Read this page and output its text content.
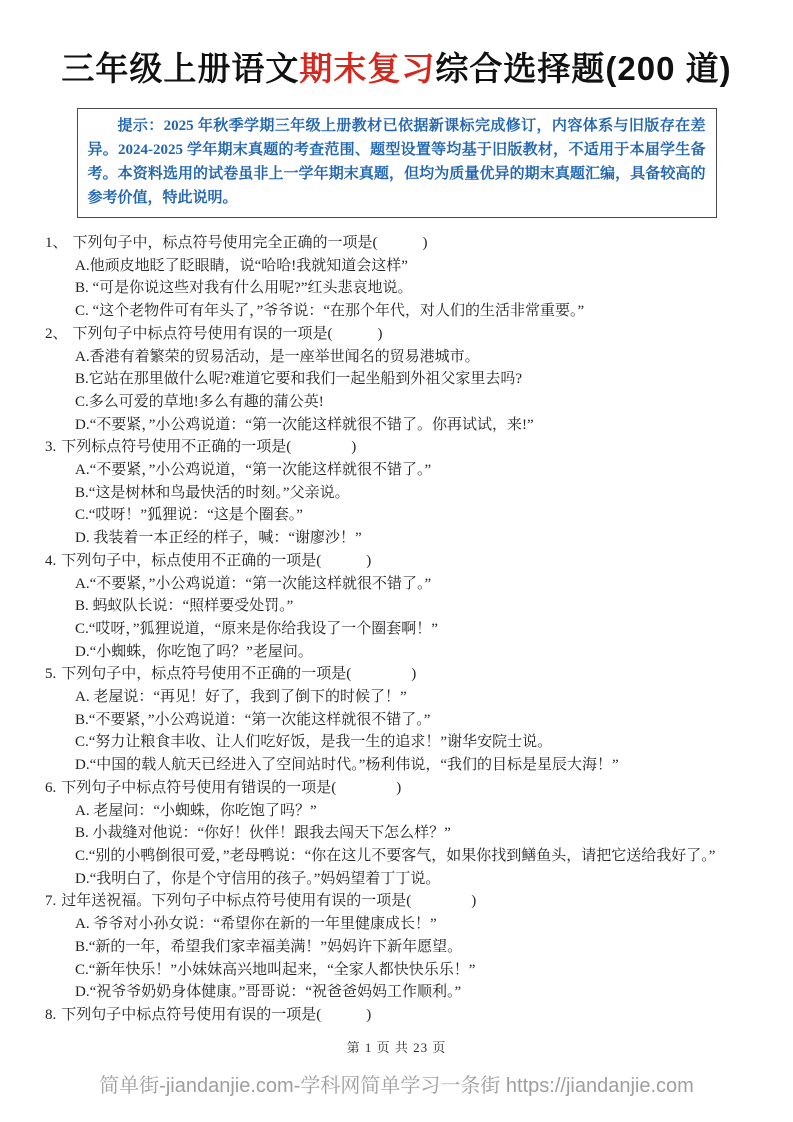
三年级上册语文期末复习综合选择题(200 道)

提示：2025 年秋季学期三年级上册教材已依据新课标完成修订，内容体系与旧版存在差异。2024-2025 学年期末真题的考查范围、题型设置等均基于旧版教材，不适用于本届学生备考。本资料选用的试卷虽非上一学年期末真题，但均为质量优异的期末真题汇编，具备较高的参考价值，特此说明。

1、 下列句子中，标点符号使用完全正确的一项是(　　　)

A.他顽皮地眨了眨眼睛，说“哈哈!我就知道会这样”

B. “可是你说这些对我有什么用呢?”红头悲哀地说。

C. “这个老物件可有年头了，”爷爷说：“在那个年代，对人们的生活非常重要。”

2、 下列句子中标点符号使用有误的一项是(　　　)

A.香港有着繁荣的贸易活动，是一座举世闻名的贸易港城市。

B.它站在那里做什么呢?难道它要和我们一起坐船到外祖父家里去吗?

C.多么可爱的草地!多么有趣的蒲公英!

D.“不要紧，”小公鸡说道：“第一次能这样就很不错了。你再试试，来!”

3. 下列标点符号使用不正确的一项是(　　　　)

A.“不要紧，”小公鸡说道，“第一次能这样就很不错了。”

B.“这是树林和鸟最快活的时刻。”父亲说。

C.“哎呀！”狐狸说：“这是个圈套。”

D. 我装着一本正经的样子，喊：“谢廖沙！”

4. 下列句子中，标点使用不正确的一项是(　　　)

A.“不要紧，”小公鸡说道：“第一次能这样就很不错了。”

B. 蚂蚁队长说：“照样要受处罚。”

C.“哎呀，”狐狸说道，“原来是你给我设了一个圈套啊！”

D.“小蜘蛛，你吃饱了吗？”老屋问。

5. 下列句子中，标点符号使用不正确的一项是(　　　　)

A. 老屋说：“再见！好了，我到了倒下的时候了！”

B.“不要紧，”小公鸡说道：“第一次能这样就很不错了。”

C.“努力让粮食丰收、让人们吃好饭，是我一生的追求！”谢华安院士说。

D.“中国的载人航天已经进入了空间站时代。”杨利伟说，“我们的目标是星辰大海！”

6. 下列句子中标点符号使用有错误的一项是(　　　　)

A. 老屋问：“小蜘蛛，你吃饱了吗？”

B. 小裁缝对他说：“你好！伙伴！跟我去闯天下怎么样？”

C.“别的小鸭倒很可爱，”老母鸭说：“你在这儿不要客气，如果你找到鳝鱼头，请把它送给我好了。”

D.“我明白了，你是个守信用的孩子。”妈妈望着丁丁说。

7. 过年送祝福。下列句子中标点符号使用有误的一项是(　　　　)

A. 爷爷对小孙女说：“希望你在新的一年里健康成长！”

B.“新的一年，希望我们家幸福美满！”妈妈许下新年愿望。

C.“新年快乐！”小妹妹高兴地叫起来，“全家人都快快乐乐！”

D.“祝爷爷奶奶身体健康。”哥哥说：“祝爸爸妈妈工作顺利。”

8. 下列句子中标点符号使用有误的一项是(　　　)

第 1 页 共 23 页
简单街-jiandanjie.com-学科网简单学习一条街 https://jiandanjie.com
